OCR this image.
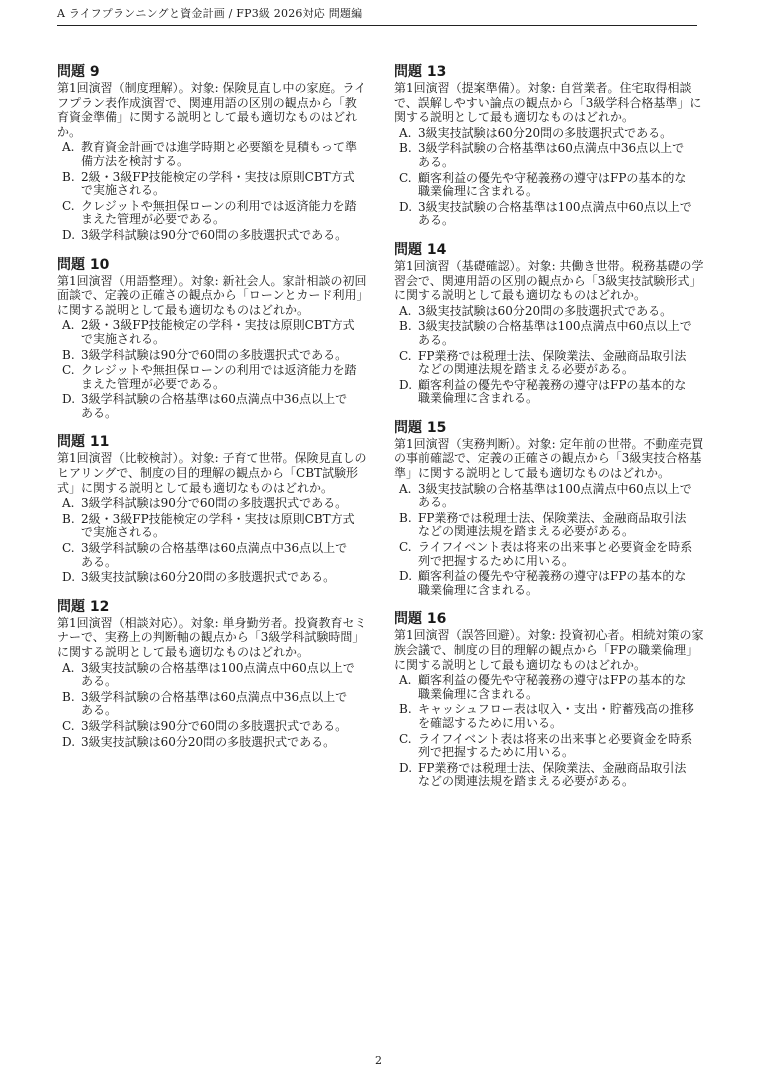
A ライフプランニングと資金計画 / FP3級 2026対応 問題編
問題 9

第1回演習（制度理解）。対象: 保険見直し中の家庭。ライフプラン表作成演習で、関連用語の区別の観点から「教育資金準備」に関する説明として最も適切なものはどれか。

A. 教育資金計画では進学時期と必要額を見積もって準備方法を検討する。
B. 2級・3級FP技能検定の学科・実技は原則CBT方式で実施される。
C. クレジットや無担保ローンの利用では返済能力を踏まえた管理が必要である。
D. 3級学科試験は90分で60問の多肢選択式である。
問題 10

第1回演習（用語整理）。対象: 新社会人。家計相談の初回面談で、定義の正確さの観点から「ローンとカード利用」に関する説明として最も適切なものはどれか。

A. 2級・3級FP技能検定の学科・実技は原則CBT方式で実施される。
B. 3級学科試験は90分で60問の多肢選択式である。
C. クレジットや無担保ローンの利用では返済能力を踏まえた管理が必要である。
D. 3級学科試験の合格基準は60点満点中36点以上である。
問題 11

第1回演習（比較検討）。対象: 子育て世帯。保険見直しのヒアリングで、制度の目的理解の観点から「CBT試験形式」に関する説明として最も適切なものはどれか。

A. 3級学科試験は90分で60問の多肢選択式である。
B. 2級・3級FP技能検定の学科・実技は原則CBT方式で実施される。
C. 3級学科試験の合格基準は60点満点中36点以上である。
D. 3級実技試験は60分20問の多肢選択式である。
問題 12

第1回演習（相談対応）。対象: 単身勤労者。投資教育セミナーで、実務上の判断軸の観点から「3級学科試験時間」に関する説明として最も適切なものはどれか。

A. 3級実技試験の合格基準は100点満点中60点以上である。
B. 3級学科試験の合格基準は60点満点中36点以上である。
C. 3級学科試験は90分で60問の多肢選択式である。
D. 3級実技試験は60分20問の多肢選択式である。
問題 13

第1回演習（提案準備）。対象: 自営業者。住宅取得相談で、誤解しやすい論点の観点から「3級学科合格基準」に関する説明として最も適切なものはどれか。

A. 3級実技試験は60分20問の多肢選択式である。
B. 3級学科試験の合格基準は60点満点中36点以上である。
C. 顧客利益の優先や守秘義務の遵守はFPの基本的な職業倫理に含まれる。
D. 3級実技試験の合格基準は100点満点中60点以上である。
問題 14

第1回演習（基礎確認）。対象: 共働き世帯。税務基礎の学習会で、関連用語の区別の観点から「3級実技試験形式」に関する説明として最も適切なものはどれか。

A. 3級実技試験は60分20問の多肢選択式である。
B. 3級実技試験の合格基準は100点満点中60点以上である。
C. FP業務では税理士法、保険業法、金融商品取引法などの関連法規を踏まえる必要がある。
D. 顧客利益の優先や守秘義務の遵守はFPの基本的な職業倫理に含まれる。
問題 15

第1回演習（実務判断）。対象: 定年前の世帯。不動産売買の事前確認で、定義の正確さの観点から「3級実技合格基準」に関する説明として最も適切なものはどれか。

A. 3級実技試験の合格基準は100点満点中60点以上である。
B. FP業務では税理士法、保険業法、金融商品取引法などの関連法規を踏まえる必要がある。
C. ライフイベント表は将来の出来事と必要資金を時系列で把握するために用いる。
D. 顧客利益の優先や守秘義務の遵守はFPの基本的な職業倫理に含まれる。
問題 16

第1回演習（誤答回避）。対象: 投資初心者。相続対策の家族会議で、制度の目的理解の観点から「FPの職業倫理」に関する説明として最も適切なものはどれか。

A. 顧客利益の優先や守秘義務の遵守はFPの基本的な職業倫理に含まれる。
B. キャッシュフロー表は収入・支出・貯蓄残高の推移を確認するために用いる。
C. ライフイベント表は将来の出来事と必要資金を時系列で把握するために用いる。
D. FP業務では税理士法、保険業法、金融商品取引法などの関連法規を踏まえる必要がある。
2
